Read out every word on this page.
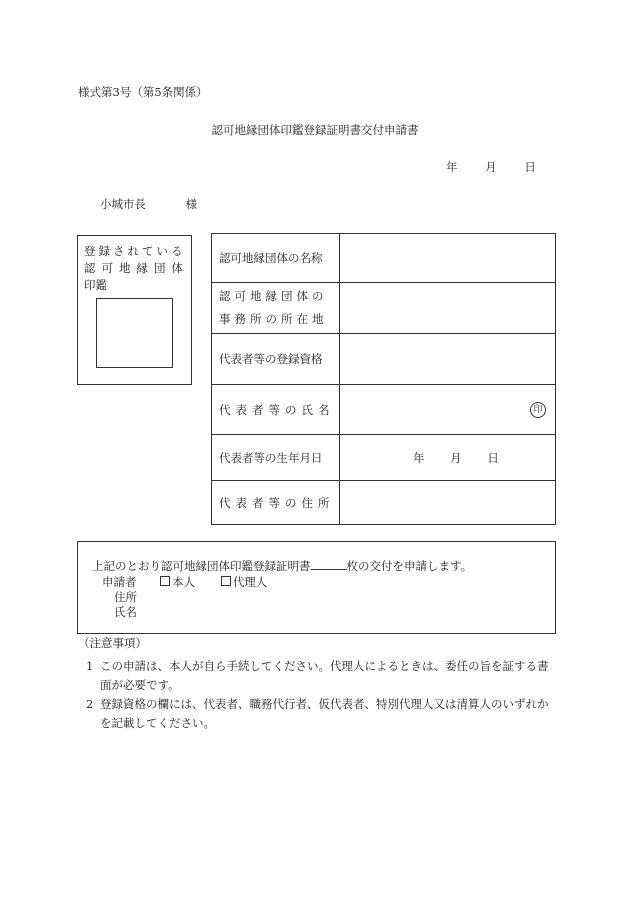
様式第3号（第5条関係）
認可地縁団体印鑑登録証明書交付申請書
年 月 日
小城市長	様
登録されている
認可地縁団体
印鑑
認可地縁団体の名称	

認可地縁団体の
事務所の所在地	

代表者等の登録資格	
代表者等の氏名	印

代表者等の生年月日	年 月 日
代表者等の住所	
上記のとおり認可地縁団体印鑑登録証明書	枚の交付を申請します。
申請者	本人	代理人
住所
氏名
（注意事項）
1 この申請は、本人が自ら手続してください。代理人によるときは、委任の旨を証する書面が必要です。
2 登録資格の欄には、代表者、職務代行者、仮代表者、特別代理人又は清算人のいずれかを記載してください。
